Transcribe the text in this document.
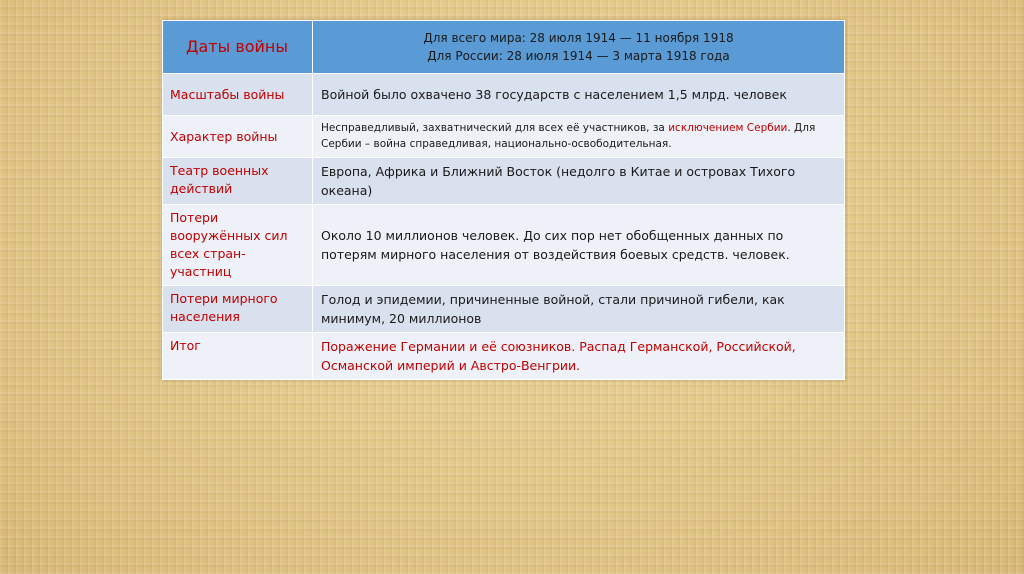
Даты войны	Для всего мира: 28 июля 1914 — 11 ноября 1918
Для России: 28 июля 1914 — 3 марта 1918 года

Масштабы войны	Войной было охвачено 38 государств с населением 1,5 млрд. человек
Характер войны	Несправедливый, захватнический для всех её участников, за исключением Сербии. Для Сербии – война справедливая, национально-освободительная.
Театр военных действий	Европа, Африка и Ближний Восток (недолго в Китае и островах Тихого океана)
Потери вооружённых сил всех стран-участниц	Около 10 миллионов человек. До сих пор нет обобщенных данных по потерям мирного населения от воздействия боевых средств. человек.
Потери мирного населения	Голод и эпидемии, причиненные войной, стали причиной гибели, как минимум, 20 миллионов
Итог	Поражение Германии и её союзников. Распад Германской, Российской, Османской империй и Австро-Венгрии.
